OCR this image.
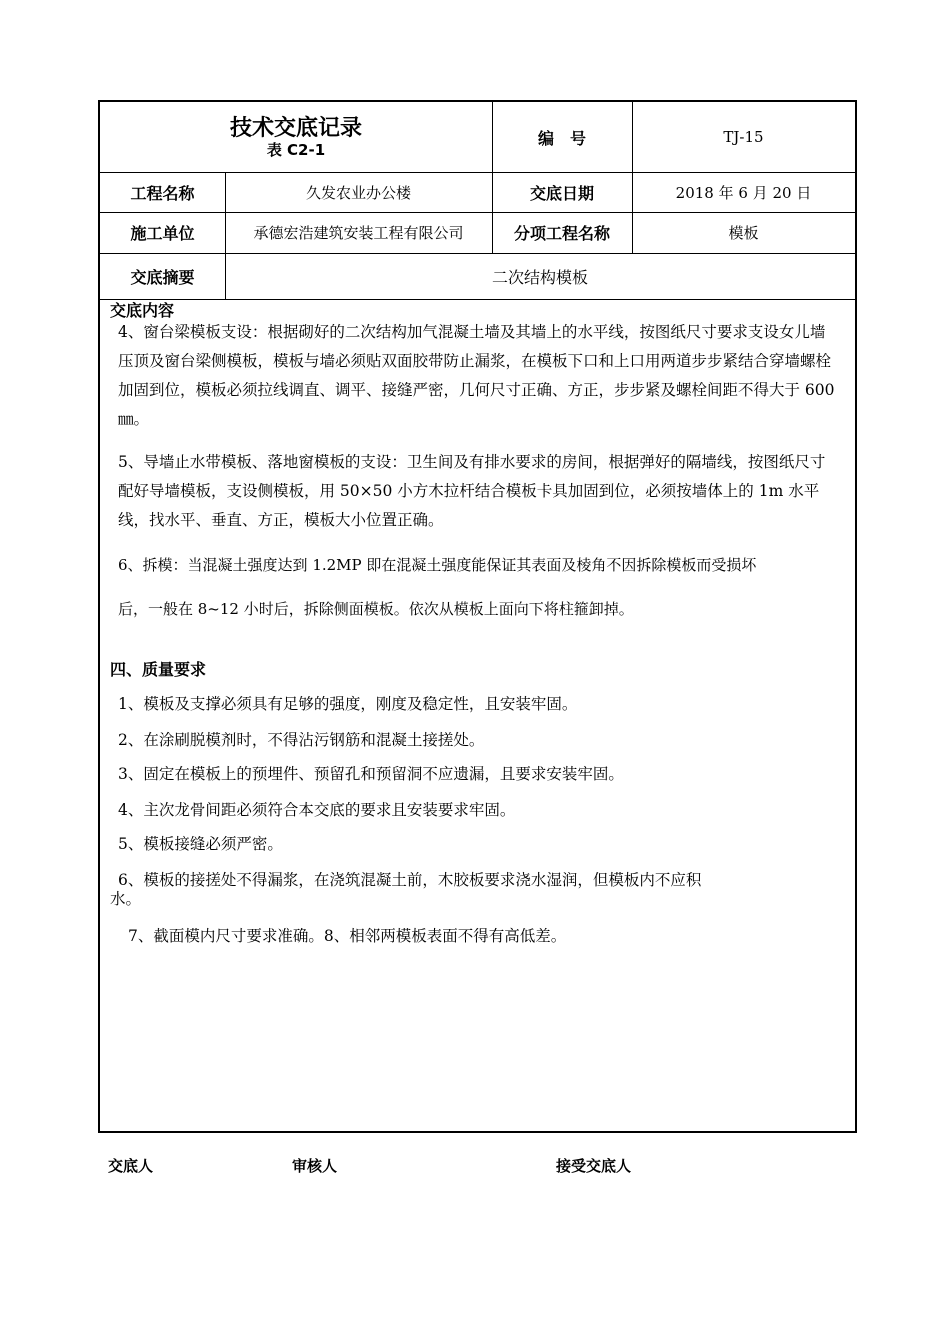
技术交底记录
表 C2-1
编　号	TJ-15
工程名称	久发农业办公楼	交底日期	2018 年 6 月 20 日
施工单位	承德宏浩建筑安装工程有限公司	分项工程名称	模板
交底摘要	二次结构模板
交底内容
4、窗台梁模板支设：根据砌好的二次结构加气混凝土墙及其墙上的水平线，按图纸尺寸要求支设女儿墙压顶及窗台梁侧模板，模板与墙必须贴双面胶带防止漏浆，在模板下口和上口用两道步步紧结合穿墙螺栓加固到位，模板必须拉线调直、调平、接缝严密，几何尺寸正确、方正，步步紧及螺栓间距不得大于 600㎜。
5、导墙止水带模板、落地窗模板的支设：卫生间及有排水要求的房间，根据弹好的隔墙线，按图纸尺寸配好导墙模板，支设侧模板，用 50×50 小方木拉杆结合模板卡具加固到位，必须按墙体上的 1m 水平线，找水平、垂直、方正，模板大小位置正确。
6、拆模：当混凝土强度达到 1.2MP 即在混凝土强度能保证其表面及棱角不因拆除模板而受损坏
后，一般在 8~12 小时后，拆除侧面模板。依次从模板上面向下将柱箍卸掉。
四、质量要求
1、模板及支撑必须具有足够的强度，刚度及稳定性，且安装牢固。
2、在涂刷脱模剂时，不得沾污钢筋和混凝土接搓处。
3、固定在模板上的预埋件、预留孔和预留洞不应遗漏，且要求安装牢固。
4、主次龙骨间距必须符合本交底的要求且安装要求牢固。
5、模板接缝必须严密。
6、模板的接搓处不得漏浆，在浇筑混凝土前，木胶板要求浇水湿润，但模板内不应积
水。
7、截面模内尺寸要求准确。8、相邻两模板表面不得有高低差。
交底人	审核人	接受交底人
